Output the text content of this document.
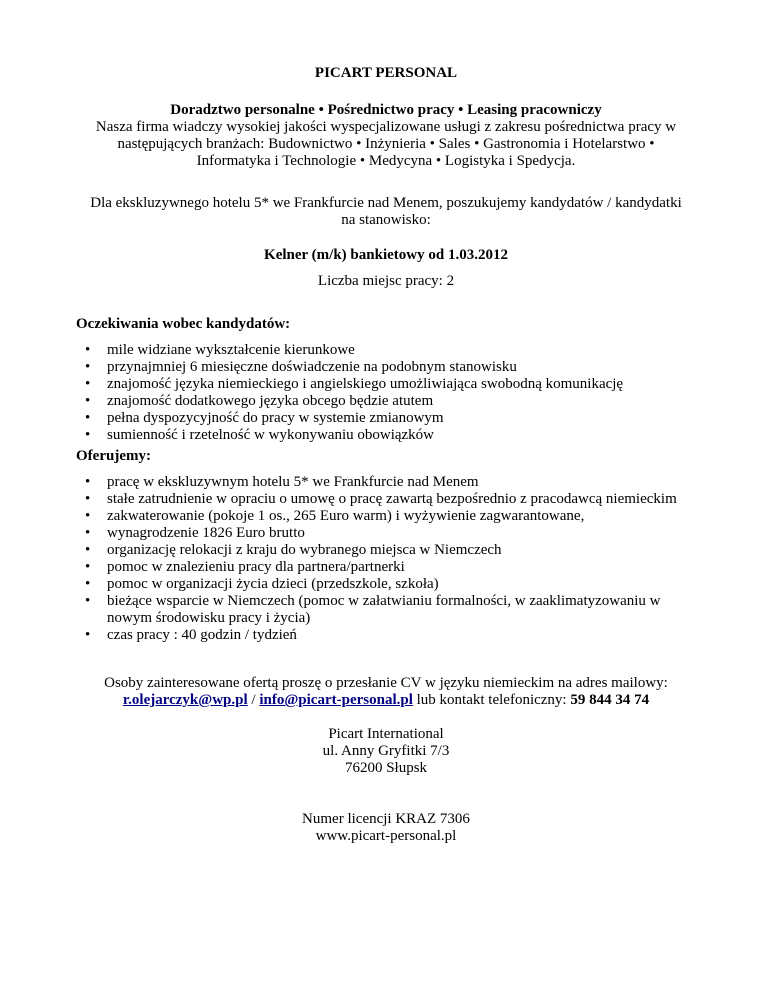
PICART PERSONAL
Doradztwo personalne • Pośrednictwo pracy • Leasing pracowniczy
Nasza firma wiadczy wysokiej jakości wyspecjalizowane usługi z zakresu pośrednictwa pracy w
następujących branżach: Budownictwo • Inżynieria • Sales • Gastronomia i Hotelarstwo •
Informatyka i Technologie • Medycyna • Logistyka i Spedycja.
Dla ekskluzywnego hotelu 5* we Frankfurcie nad Menem, poszukujemy kandydatów / kandydatki
na stanowisko:
Kelner (m/k) bankietowy od 1.03.2012
Liczba miejsc pracy: 2
Oczekiwania wobec kandydatów:
• mile widziane wykształcenie kierunkowe
• przynajmniej 6 miesięczne doświadczenie na podobnym stanowisku
• znajomość języka niemieckiego i angielskiego umożliwiająca swobodną komunikację
• znajomość dodatkowego języka obcego będzie atutem
• pełna dyspozycyjność do pracy w systemie zmianowym
• sumienność i rzetelność w wykonywaniu obowiązków
Oferujemy:
• pracę w ekskluzywnym hotelu 5* we Frankfurcie nad Menem
• stałe zatrudnienie w opraciu o umowę o pracę zawartą bezpośrednio z pracodawcą niemieckim
• zakwaterowanie (pokoje 1 os., 265 Euro warm) i wyżywienie zagwarantowane,
• wynagrodzenie 1826 Euro brutto
• organizację relokacji z kraju do wybranego miejsca w Niemczech
• pomoc w znalezieniu pracy dla partnera/partnerki
• pomoc w organizacji życia dzieci (przedszkole, szkoła)
• bieżące wsparcie w Niemczech (pomoc w załatwianiu formalności, w zaaklimatyzowaniu w nowym środowisku pracy i życia)
• czas pracy : 40 godzin / tydzień
Osoby zainteresowane ofertą proszę o przesłanie CV w języku niemieckim na adres mailowy:
r.olejarczyk@wp.pl / info@picart-personal.pl lub kontakt telefoniczny: 59 844 34 74
Picart International
ul. Anny Gryfitki 7/3
76200 Słupsk
Numer licencji KRAZ 7306
www.picart-personal.pl
